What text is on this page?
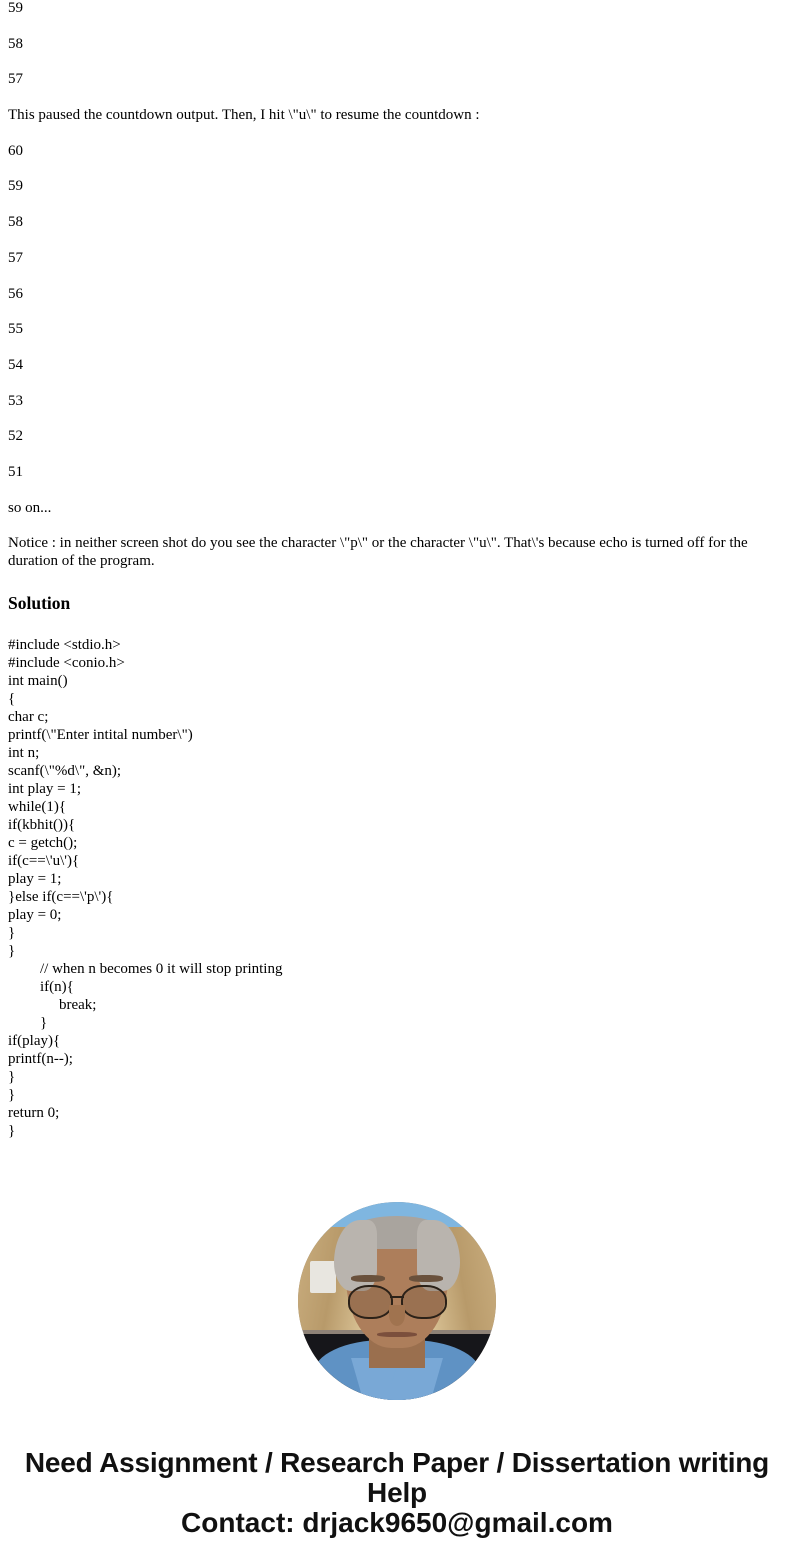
59

58

57

This paused the countdown output. Then, I hit \"u\" to resume the countdown :

60

59

58

57

56

55

54

53

52

51

so on...

Notice : in neither screen shot do you see the character \"p\" or the character \"u\". That\'s because echo is turned off for the duration of the program.

Solution
#include <stdio.h>
#include <conio.h>
int main()
{
char c;
printf(\"Enter intital number\")
int n;
scanf(\"%d\", &n);
int play = 1;
while(1){
if(kbhit()){
c = getch();
if(c==\'u\'){
play = 1;
}else if(c==\'p\'){
play = 0;
}
}
// when n becomes 0 it will stop printing
if(n){
break;
}
if(play){
printf(n--);
}
}
return 0;
}
Need Assignment / Research Paper / Dissertation writing Help
Contact: drjack9650@gmail.com
